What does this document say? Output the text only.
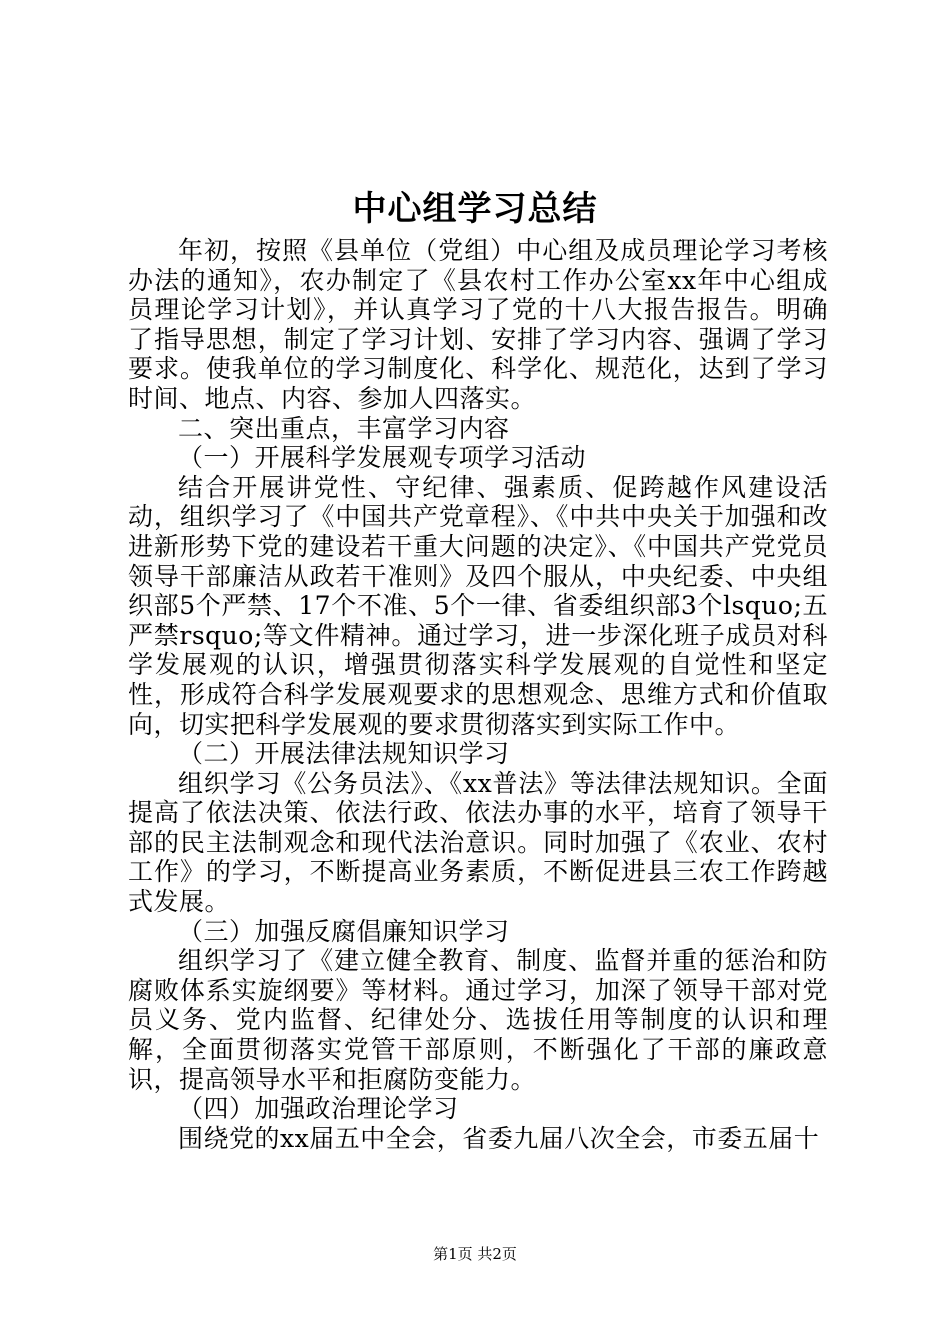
中心组学习总结

年初，按照《县单位（党组）中心组及成员理论学习考核办法的通知》，农办制定了《县农村工作办公室xx年中心组成员理论学习计划》，并认真学习了党的十八大报告报告。明确了指导思想，制定了学习计划、安排了学习内容、强调了学习要求。使我单位的学习制度化、科学化、规范化，达到了学习时间、地点、内容、参加人四落实。

二、突出重点，丰富学习内容

（一）开展科学发展观专项学习活动

结合开展讲党性、守纪律、强素质、促跨越作风建设活动，组织学习了《中国共产党章程》、《中共中央关于加强和改进新形势下党的建设若干重大问题的决定》、《中国共产党党员领导干部廉洁从政若干准则》及四个服从，中央纪委、中央组织部5个严禁、17个不准、5个一律、省委组织部3个lsquo;五严禁rsquo;等文件精神。通过学习，进一步深化班子成员对科学发展观的认识，增强贯彻落实科学发展观的自觉性和坚定性，形成符合科学发展观要求的思想观念、思维方式和价值取向，切实把科学发展观的要求贯彻落实到实际工作中。

（二）开展法律法规知识学习

组织学习《公务员法》、《xx普法》等法律法规知识。全面提高了依法决策、依法行政、依法办事的水平，培育了领导干部的民主法制观念和现代法治意识。同时加强了《农业、农村工作》的学习，不断提高业务素质，不断促进县三农工作跨越式发展。

（三）加强反腐倡廉知识学习

组织学习了《建立健全教育、制度、监督并重的惩治和防腐败体系实旋纲要》等材料。通过学习，加深了领导干部对党员义务、党内监督、纪律处分、选拔任用等制度的认识和理解，全面贯彻落实党管干部原则，不断强化了干部的廉政意识，提高领导水平和拒腐防变能力。

（四）加强政治理论学习

围绕党的xx届五中全会，省委九届八次全会，市委五届十

第1页 共2页
